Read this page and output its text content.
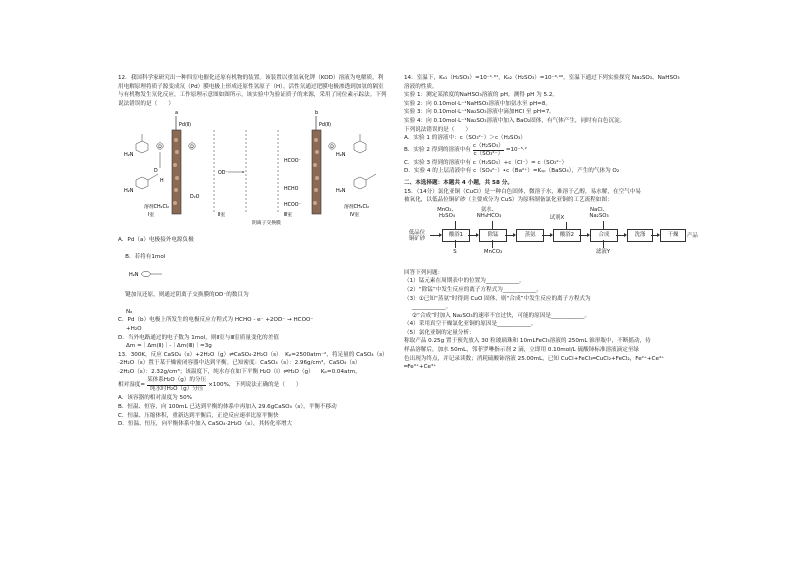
12．我国科学家研究出一种四室电催化还原有机物的装置。该装置以重氢氧化钾（KOD）溶液为电解质，利用电解原理将质子源变成氘（Pd）膜电极上形成还原性氢原子（H），活性氘通过钯膜电极渗透到加氢的隔室与有机物发生氘化反应，工作原理示意图如图所示，该实验中为验证质子的来源，采用了同位素示踪法。下列说法错误的是（　　）

a	b
Pd(Ⅱ)	Pd(Ⅱ)
H₂N
H₂N
D
H
D
溶剂CH₂Cl₂
Ⅰ室
D
D₂O
OD⁻
Ⅱ室
HCOO⁻
HCHO
HCOO⁻
Ⅲ室
阴离子交换膜
D
H₂N
H₂N
溶剂CH₂Cl₂
Ⅳ室

A．Pd（a）电极接外电源负极

B．若将有1mol

H₂N

键加氘还原，则通过阴离子交换膜的OD⁻的数目为

Nₐ

C．Pd（b）电极上所发生的电极反应方程式为 HCHO - e⁻ +2OD⁻ → HCOO⁻

+H₂O

D．当外电路通过的电子数为 1mol，则Ⅱ室与Ⅲ室质量变化的差值

Δm =｜Δm(Ⅱ)｜-｜Δm(Ⅲ)｜=3g

13．300K，反应 CaSO₄（s）+2H₂O（g）⇌CaSO₄·2H₂O（s）  Kₚ=2500atm⁻²，将足量的 CaSO₄（s）

·2H₂O（s）置于某干燥密闭容器中达到平衡。已知密度：CaSO₄（s）：2.96g/cm³，CaSO₄（s）

·2H₂O（s）：2.32g/cm³；该温度下，纯水存在如下平衡 H₂O（l）⇌H₂O（g）    Kₚ=0.04atm，

相对湿度=
某体系H₂O（g）的分压
纯水时H₂O（g）分压
×100%，下列说法正确的是（　　）

A．该容器的相对湿度为 50%

B．恒温、恒容，向 100mL 已达到平衡的体系中再加入 29.6gCaSO₄（s），平衡不移动

C．恒温、压缩体积，重新达到平衡后，正逆反应速率比原平衡快

D．恒温、恒压，向平衡体系中加入 CaSO₄·2H₂O（s），其转化率增大

14．室温下，Kₐ₁（H₂SO₃）=10⁻¹·⁸¹，Kₐ₂（H₂SO₃）=10⁻⁶·⁹⁹，室温下通过下列实验探究 Na₂SO₃、NaHSO₃

溶液的性质。

实验 1：测定某浓度的NaHSO₃溶液的 pH，测得 pH 为 5.2。

实验 2：向 0.10mol·L⁻¹NaHSO₃溶液中加氨水至 pH=8。

实验 3：向 0.10mol·L⁻¹Na₂SO₃溶液中滴加HCl 至 pH=7。

实验 4：向 0.10mol·L⁻¹Na₂SO₃溶液中加入 BaO₂固体，有气体产生，同时有白色沉淀。

下列说法错误的是（　　）

A．实验 1 的溶液中：c（SO₃²⁻）＞c（H₂SO₃）

B．实验 2 得到的溶液中有 $\frac{\text{c（H₂SO₃）}}{\text{c（SO₃²⁻）}} =10^{-5}\cdot^2$

C．实验 3 得到的溶液中有 c（H₂SO₃）+c（Cl⁻）= c（SO₃²⁻）

D．实验 4 的上层清液中有 c（SO₄²⁻）•c（Ba²⁺）=Kₛₚ（BaSO₄），产生的气体为 O₂

二、本选择题：本题共 4 小题，共 58 分。

15．（14分）氯化亚铜（CuCl）是一种白色固体，微溶于水，难溶于乙醇，易水解，在空气中易

被氧化，以低品位铜矿砂（主要成分为 CuS）为原料制备氯化亚铜的工艺流程如图：

低品位
铜矿砂
MnO₂、
H₂SO₄
酸浴1
S
氨水、
NH₄HCO₃
除锰
MnCO₃
蒸氨
试剂X
酸浴2
NaCl、
Na₂SO₃
合成
滤液Y
洗涤	干燥

回答下列问题：

（1）锰元素在周期表中的位置为____________。

（2）“除锰”中发生反应的离子方程式为____________。

（3）①已知“蒸氨”时得到 CuO 固体，则“合成”中发生反应的离子方程式为

____________。

②“合成”时加入 Na₂SO₃的速率不宜过快，可能的原因是____________。

（4）采用真空干燥氯化亚铜的原因是____________。

（5）氯化亚铜的定量分析：

称取产品 0.25g 置于预先放入 30 粒玻璃珠和 10mLFeCl₃溶液的 250mL 锥形瓶中，不断摇动，待

样品溶解后，加水 50mL，邻菲罗啉指示剂 2 滴，立即用 0.10mol/L 硫酸铈标准溶液滴定至绿

色出现为终点，并记录读数；消耗硫酸铈溶液 25.00mL，已知 CuCl+FeCl₃═CuCl₂+FeCl₂，Fe²⁺+Ce⁴⁺

═Fe³⁺+Ce³⁺

产品
